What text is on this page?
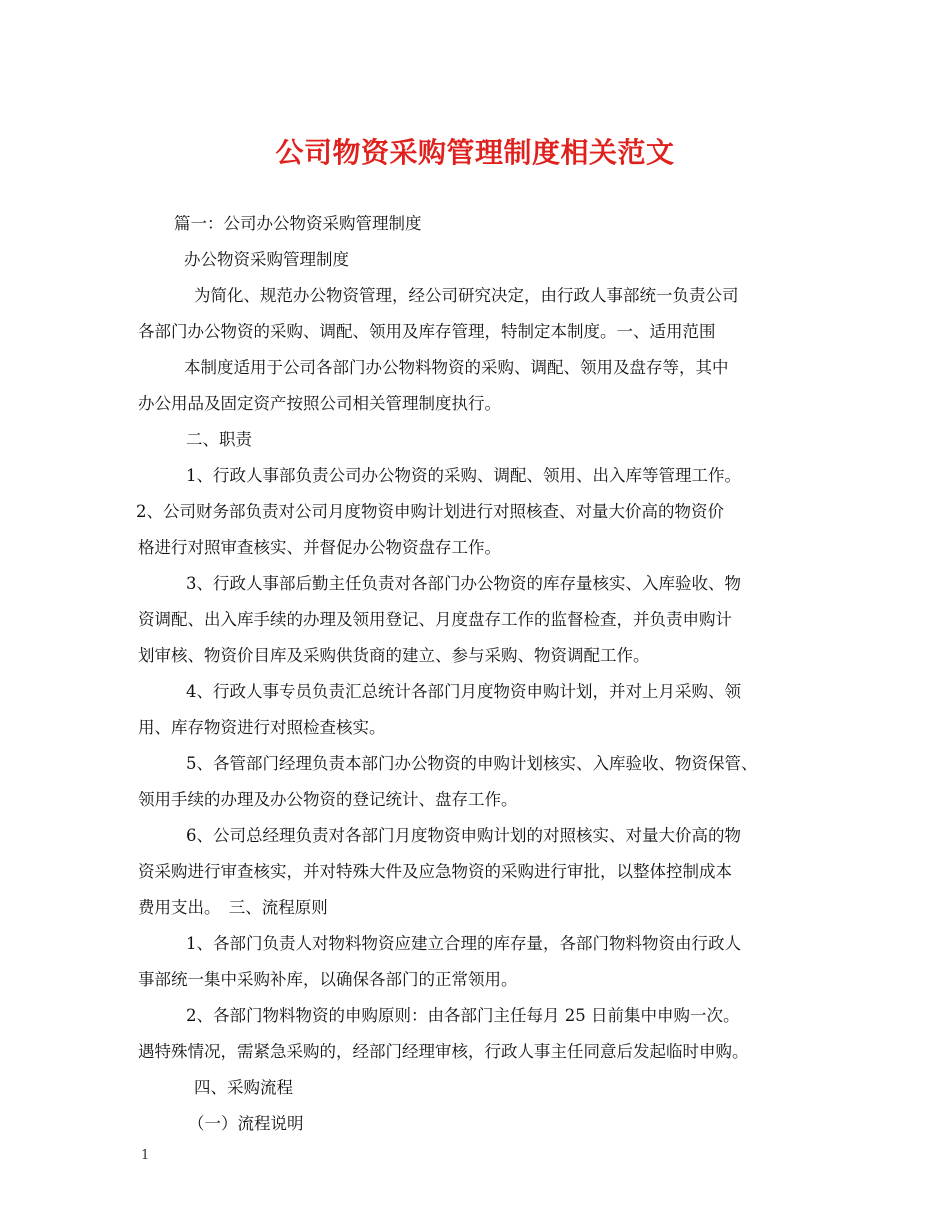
公司物资采购管理制度相关范文

篇一：公司办公物资采购管理制度

办公物资采购管理制度

为简化、规范办公物资管理，经公司研究决定，由行政人事部统一负责公司

各部门办公物资的采购、调配、领用及库存管理，特制定本制度。一、适用范围

本制度适用于公司各部门办公物料物资的采购、调配、领用及盘存等，其中

办公用品及固定资产按照公司相关管理制度执行。

二、职责

1、行政人事部负责公司办公物资的采购、调配、领用、出入库等管理工作。

2、公司财务部负责对公司月度物资申购计划进行对照核查、对量大价高的物资价

格进行对照审查核实、并督促办公物资盘存工作。

3、行政人事部后勤主任负责对各部门办公物资的库存量核实、入库验收、物

资调配、出入库手续的办理及领用登记、月度盘存工作的监督检查，并负责申购计

划审核、物资价目库及采购供货商的建立、参与采购、物资调配工作。

4、行政人事专员负责汇总统计各部门月度物资申购计划，并对上月采购、领

用、库存物资进行对照检查核实。

5、各管部门经理负责本部门办公物资的申购计划核实、入库验收、物资保管、

领用手续的办理及办公物资的登记统计、盘存工作。

6、公司总经理负责对各部门月度物资申购计划的对照核实、对量大价高的物

资采购进行审查核实，并对特殊大件及应急物资的采购进行审批，以整体控制成本

费用支出。　三、流程原则

1、各部门负责人对物料物资应建立合理的库存量，各部门物料物资由行政人

事部统一集中采购补库，以确保各部门的正常领用。

2、各部门物料物资的申购原则：由各部门主任每月 25 日前集中申购一次。

遇特殊情况，需紧急采购的，经部门经理审核，行政人事主任同意后发起临时申购。

四、采购流程

（一）流程说明

1
